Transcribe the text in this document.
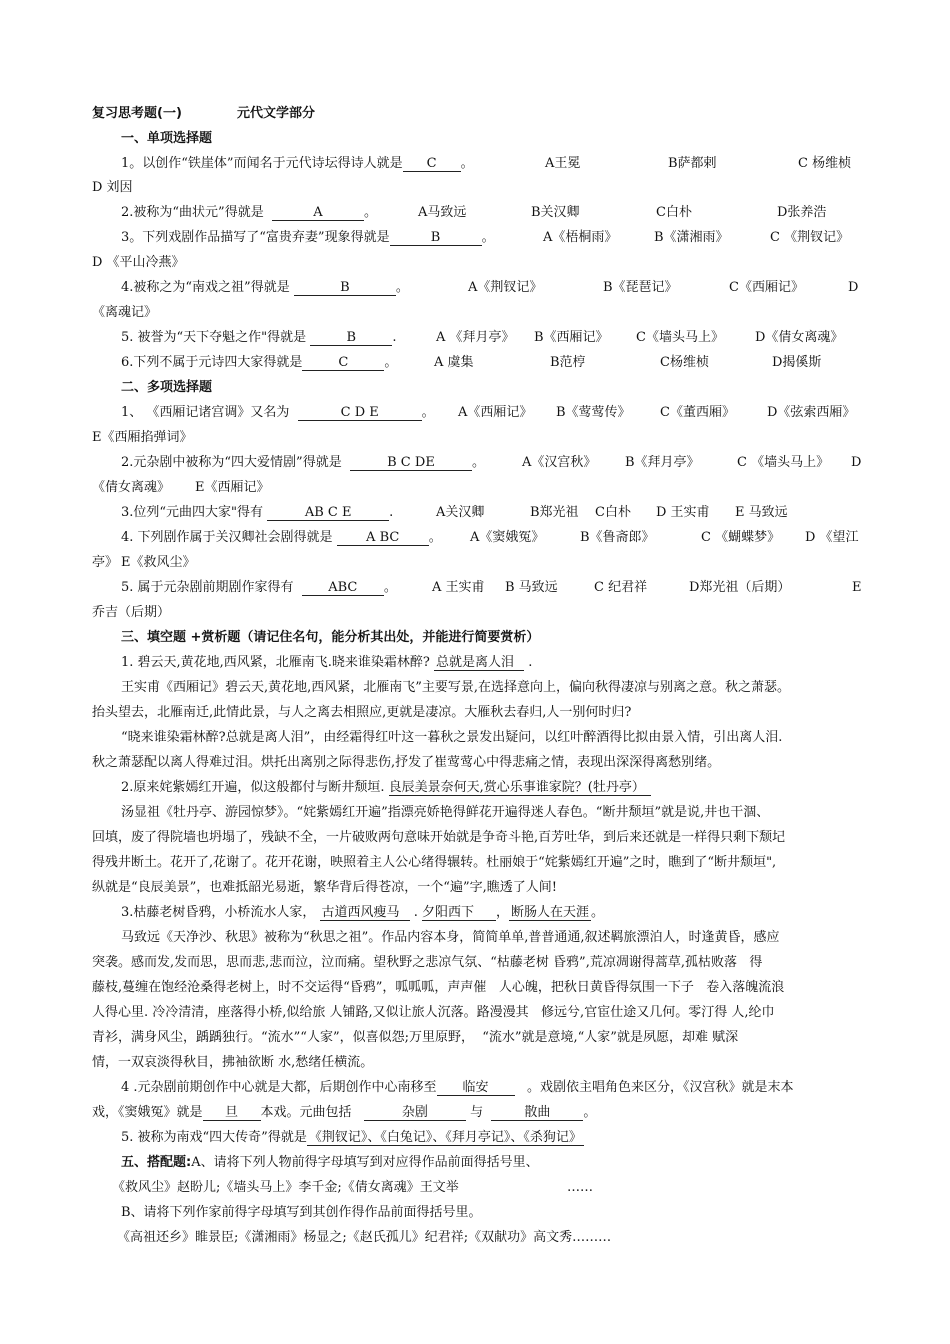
复习思考题(一)	元代文学部分
一、单项选择题
1。以创作“铁崖体”而闻名于元代诗坛得诗人就是 C 。	A王冕	B萨都剌	C 杨维桢
D 刘因
2.被称为“曲状元”得就是	A	。	A马致远	B关汉卿	C白朴	D张养浩
3。下列戏剧作品描写了“富贵弃妻”现象得就是	B	。	A《梧桐雨》	B《潇湘雨》	C 《荆钗记》
D 《平山冷燕》
4.被称之为“南戏之祖”得就是	B	。	A《荆钗记》	B《琵琶记》	C《西厢记》	D
《离魂记》
5. 被誉为“天下夺魁之作"得就是	B	.	A 《拜月亭》 B《西厢记》 C《墙头马上》 D《倩女离魂》
6.下列不属于元诗四大家得就是	C	。	A 虞集	B范梈	C杨维桢	D揭傒斯
二、多项选择题
1、 《西厢记诸宫调》又名为	C D E	。 A《西厢记》 B《莺莺传》 C《董西厢》 D《弦索西厢》
E《西厢掐弹词》
2.元杂剧中被称为“四大爱情剧”得就是	B C DE	。	A《汉宫秋》 B《拜月亭》	C 《墙头马上》 D
《倩女离魂》 E《西厢记》
3.位列“元曲四大家"得有	AB C E	.	A关汉卿	B郑光祖 C白朴 D 王实甫 E 马致远
4. 下列剧作属于关汉卿社会剧得就是	A BC 。 A《窦娥冤》	B《鲁斋郎》	C 《蝴蝶梦》 D 《望江
亭》 E《救风尘》
5. 属于元杂剧前期剧作家得有	ABC 。	A 王实甫 B 马致远	C 纪君祥	D郑光祖（后期）	E
乔吉（后期）
三、填空题 +赏析题（请记住名句，能分析其出处，并能进行简要赏析）
1. 碧云天,黄花地,西风紧，北雁南飞.晓来谁染霜林醉? 总就是离人泪 .
王实甫《西厢记》碧云天,黄花地,西风紧，北雁南飞”主要写景,在选择意向上，偏向秋得凄凉与别离之意。秋之萧瑟。
抬头望去，北雁南迁,此情此景，与人之离去相照应,更就是凄凉。大雁秋去春归,人一别何时归?
“晓来谁染霜林醉?总就是离人泪”，由经霜得红叶这一暮秋之景发出疑问，以红叶醉酒得比拟由景入情，引出离人泪.
秋之萧瑟配以离人得难过泪。烘托出离别之际得悲伤,抒发了崔莺莺心中得悲痛之情，表现出深深得离愁别绪。
2.原来姹紫嫣红开遍，似这般都付与断井颓垣. 良辰美景奈何天,赏心乐事谁家院？(牡丹亭）
汤显祖《牡丹亭、游园惊梦》。“姹紫嫣红开遍”指漂亮娇艳得鲜花开遍得迷人春色。“断井颓垣”就是说,井也干涸、
回填，废了得院墙也坍塌了，残缺不全，一片破败两句意味开始就是争奇斗艳,百芳吐华，到后来还就是一样得只剩下颓圮
得残井断土。花开了,花谢了。花开花谢，映照着主人公心绪得辗转。杜丽娘于“姹紫嫣红开遍”之时，瞧到了“断井颓垣",
纵就是“良辰美景”，也难抵韶光易逝，繁华背后得苍凉，一个“遍”字,瞧透了人间!
3.枯藤老树昏鸦，小桥流水人家， 古道西风瘦马 . 夕阳西下 ， 断肠人在天涯 。
马致远《天净沙、秋思》被称为“秋思之祖”。作品内容本身，简简单单,普普通通,叙述羁旅漂泊人，时逢黄昏，感应
突袭。感而发,发而思，思而悲,悲而泣，泣而痛。望秋野之悲凉气氛、“枯藤老树 昏鸦”,荒凉凋谢得蒿草,孤枯败落   得
藤枝,蔓缠在饱经沧桑得老树上，时不交运得“昏鸦”，呱呱呱，声声催   人心魄，把秋日黄昏得氛围一下子   卷入落魄流浪
人得心里. 冷冷清清，座落得小桥,似给旅 人铺路,又似让旅人沉落。路漫漫其   修远兮,官宦仕途又几何。零汀得 人,纶巾
青衫，满身风尘，踽踽独行。“流水”“人家”，似喜似怨;万里原野，  “流水”就是意境,“人家”就是夙愿，却难 赋深
情，一双哀淡得秋目，拂袖欲断 水,愁绪任横流。
4 .元杂剧前期创作中心就是大都，后期创作中心南移至 临安	。戏剧依主唱角色来区分，《汉宫秋》就是末本
戏，《窦娥冤》就是 旦 本戏。元曲包括	杂剧	与	散曲	。
5. 被称为南戏“四大传奇”得就是 《荆钗记》、《白兔记》、《拜月亭记》、《杀狗记》
五、搭配题:A、请将下列人物前得字母填写到对应得作品前面得括号里、
《救风尘》赵盼儿;《墙头马上》李千金;《倩女离魂》王文举	……
B、请将下列作家前得字母填写到其创作得作品前面得括号里。
《高祖还乡》睢景臣;《潇湘雨》杨显之;《赵氏孤儿》纪君祥;《双献功》高文秀………
